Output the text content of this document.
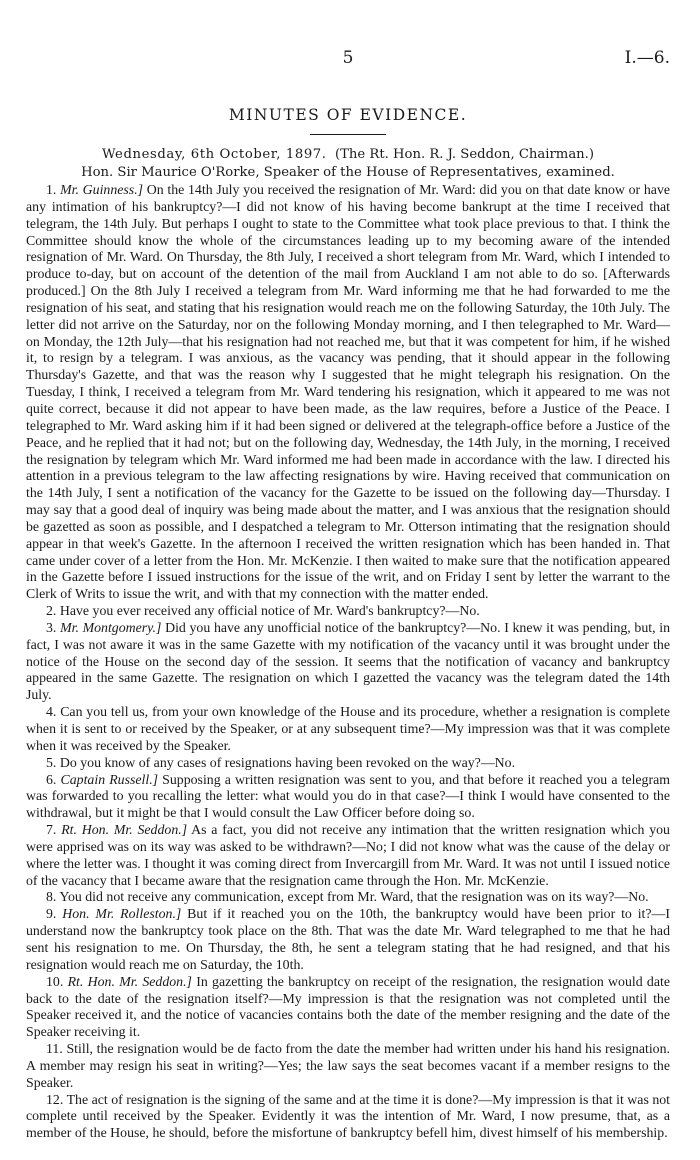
5	I.—6.
MINUTES OF EVIDENCE.
Wednesday, 6th October, 1897. (The Rt. Hon. R. J. Seddon, Chairman.)
Hon. Sir Maurice O'Rorke, Speaker of the House of Representatives, examined.

1. Mr. Guinness.] On the 14th July you received the resignation of Mr. Ward: did you on that date know or have any intimation of his bankruptcy?—I did not know of his having become bankrupt at the time I received that telegram, the 14th July. But perhaps I ought to state to the Committee what took place previous to that. I think the Committee should know the whole of the circumstances leading up to my becoming aware of the intended resignation of Mr. Ward. On Thursday, the 8th July, I received a short telegram from Mr. Ward, which I intended to produce to-day, but on account of the detention of the mail from Auckland I am not able to do so. [Afterwards produced.] On the 8th July I received a telegram from Mr. Ward informing me that he had forwarded to me the resignation of his seat, and stating that his resignation would reach me on the following Saturday, the 10th July. The letter did not arrive on the Saturday, nor on the following Monday morning, and I then telegraphed to Mr. Ward—on Monday, the 12th July—that his resignation had not reached me, but that it was competent for him, if he wished it, to resign by a telegram. I was anxious, as the vacancy was pending, that it should appear in the following Thursday's Gazette, and that was the reason why I suggested that he might telegraph his resignation. On the Tuesday, I think, I received a telegram from Mr. Ward tendering his resignation, which it appeared to me was not quite correct, because it did not appear to have been made, as the law requires, before a Justice of the Peace. I telegraphed to Mr. Ward asking him if it had been signed or delivered at the telegraph-office before a Justice of the Peace, and he replied that it had not; but on the following day, Wednesday, the 14th July, in the morning, I received the resignation by telegram which Mr. Ward informed me had been made in accordance with the law. I directed his attention in a previous telegram to the law affecting resignations by wire. Having received that communication on the 14th July, I sent a notification of the vacancy for the Gazette to be issued on the following day—Thursday. I may say that a good deal of inquiry was being made about the matter, and I was anxious that the resignation should be gazetted as soon as possible, and I despatched a telegram to Mr. Otterson intimating that the resignation should appear in that week's Gazette. In the afternoon I received the written resignation which has been handed in. That came under cover of a letter from the Hon. Mr. McKenzie. I then waited to make sure that the notification appeared in the Gazette before I issued instructions for the issue of the writ, and on Friday I sent by letter the warrant to the Clerk of Writs to issue the writ, and with that my connection with the matter ended.

2. Have you ever received any official notice of Mr. Ward's bankruptcy?—No.

3. Mr. Montgomery.] Did you have any unofficial notice of the bankruptcy?—No. I knew it was pending, but, in fact, I was not aware it was in the same Gazette with my notification of the vacancy until it was brought under the notice of the House on the second day of the session. It seems that the notification of vacancy and bankruptcy appeared in the same Gazette. The resignation on which I gazetted the vacancy was the telegram dated the 14th July.

4. Can you tell us, from your own knowledge of the House and its procedure, whether a resignation is complete when it is sent to or received by the Speaker, or at any subsequent time?—My impression was that it was complete when it was received by the Speaker.

5. Do you know of any cases of resignations having been revoked on the way?—No.

6. Captain Russell.] Supposing a written resignation was sent to you, and that before it reached you a telegram was forwarded to you recalling the letter: what would you do in that case?—I think I would have consented to the withdrawal, but it might be that I would consult the Law Officer before doing so.

7. Rt. Hon. Mr. Seddon.] As a fact, you did not receive any intimation that the written resignation which you were apprised was on its way was asked to be withdrawn?—No; I did not know what was the cause of the delay or where the letter was. I thought it was coming direct from Invercargill from Mr. Ward. It was not until I issued notice of the vacancy that I became aware that the resignation came through the Hon. Mr. McKenzie.

8. You did not receive any communication, except from Mr. Ward, that the resignation was on its way?—No.

9. Hon. Mr. Rolleston.] But if it reached you on the 10th, the bankruptcy would have been prior to it?—I understand now the bankruptcy took place on the 8th. That was the date Mr. Ward telegraphed to me that he had sent his resignation to me. On Thursday, the 8th, he sent a telegram stating that he had resigned, and that his resignation would reach me on Saturday, the 10th.

10. Rt. Hon. Mr. Seddon.] In gazetting the bankruptcy on receipt of the resignation, the resignation would date back to the date of the resignation itself?—My impression is that the resignation was not completed until the Speaker received it, and the notice of vacancies contains both the date of the member resigning and the date of the Speaker receiving it.

11. Still, the resignation would be de facto from the date the member had written under his hand his resignation. A member may resign his seat in writing?—Yes; the law says the seat becomes vacant if a member resigns to the Speaker.

12. The act of resignation is the signing of the same and at the time it is done?—My impression is that it was not complete until received by the Speaker. Evidently it was the intention of Mr. Ward, I now presume, that, as a member of the House, he should, before the misfortune of bankruptcy befell him, divest himself of his membership.
